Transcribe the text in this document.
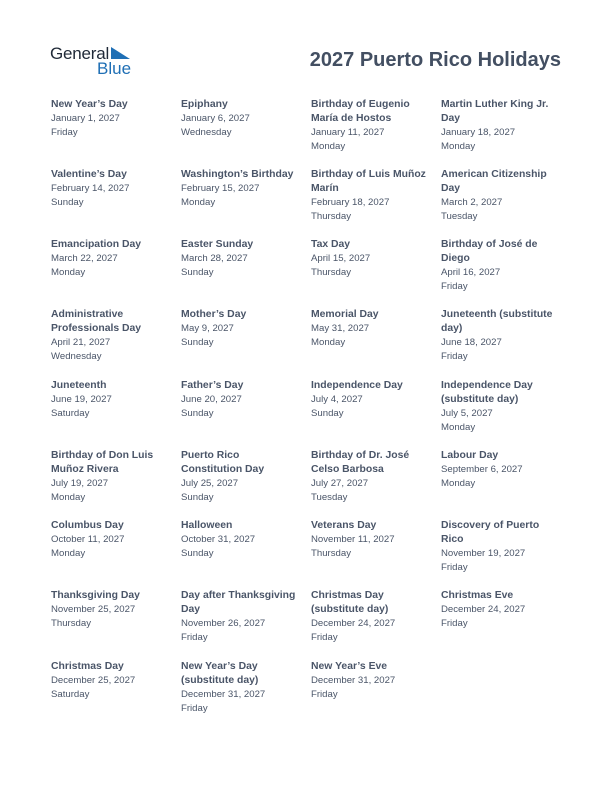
General
Blue	2027 Puerto Rico Holidays
New Year’s Day
January 1, 2027
Friday
Epiphany
January 6, 2027
Wednesday
Birthday of Eugenio María de Hostos
January 11, 2027
Monday
Martin Luther King Jr. Day
January 18, 2027
Monday
Valentine’s Day
February 14, 2027
Sunday
Washington’s Birthday
February 15, 2027
Monday
Birthday of Luis Muñoz Marín
February 18, 2027
Thursday
American Citizenship Day
March 2, 2027
Tuesday
Emancipation Day
March 22, 2027
Monday
Easter Sunday
March 28, 2027
Sunday
Tax Day
April 15, 2027
Thursday
Birthday of José de Diego
April 16, 2027
Friday
Administrative Professionals Day
April 21, 2027
Wednesday
Mother’s Day
May 9, 2027
Sunday
Memorial Day
May 31, 2027
Monday
Juneteenth (substitute day)
June 18, 2027
Friday
Juneteenth
June 19, 2027
Saturday
Father’s Day
June 20, 2027
Sunday
Independence Day
July 4, 2027
Sunday
Independence Day (substitute day)
July 5, 2027
Monday
Birthday of Don Luis Muñoz Rivera
July 19, 2027
Monday
Puerto Rico Constitution Day
July 25, 2027
Sunday
Birthday of Dr. José Celso Barbosa
July 27, 2027
Tuesday
Labour Day
September 6, 2027
Monday
Columbus Day
October 11, 2027
Monday
Halloween
October 31, 2027
Sunday
Veterans Day
November 11, 2027
Thursday
Discovery of Puerto Rico
November 19, 2027
Friday
Thanksgiving Day
November 25, 2027
Thursday
Day after Thanksgiving Day
November 26, 2027
Friday
Christmas Day (substitute day)
December 24, 2027
Friday
Christmas Eve
December 24, 2027
Friday
Christmas Day
December 25, 2027
Saturday
New Year’s Day (substitute day)
December 31, 2027
Friday
New Year’s Eve
December 31, 2027
Friday
